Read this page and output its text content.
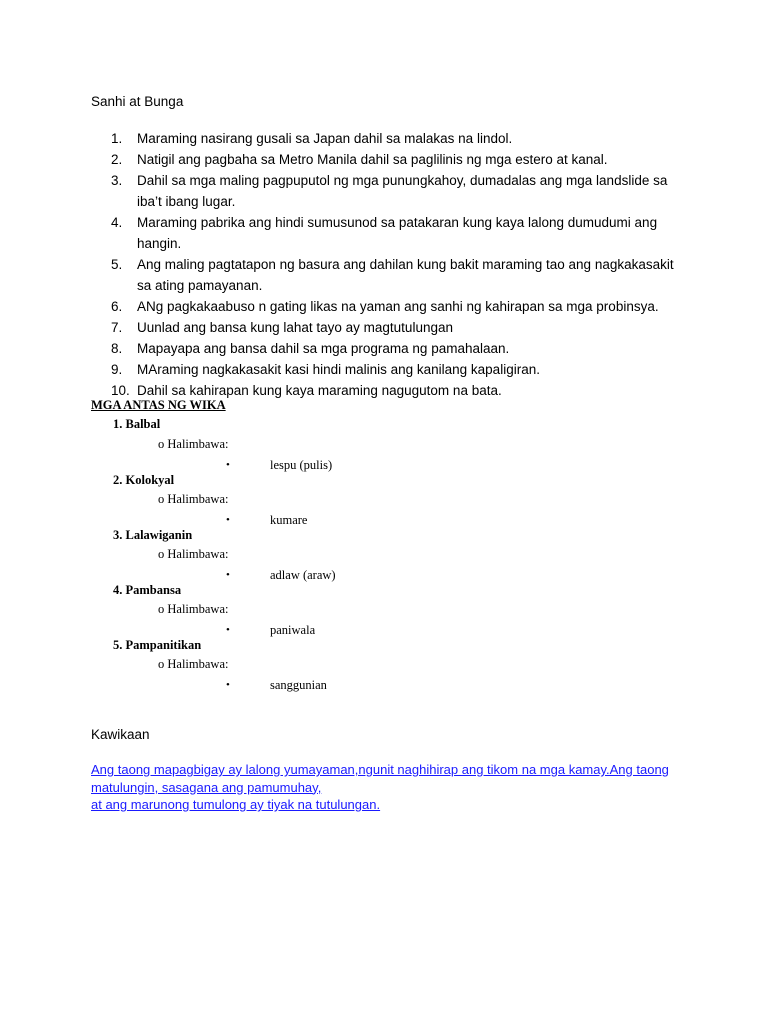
Sanhi at Bunga
1.	Maraming nasirang gusali sa Japan dahil sa malakas na lindol.
2.	Natigil ang pagbaha sa Metro Manila dahil sa paglilinis ng mga estero at kanal.
3.	Dahil sa mga maling pagpuputol ng mga punungkahoy, dumadalas ang mga landslide sa iba’t ibang lugar.
4.	Maraming pabrika ang hindi sumusunod sa patakaran kung kaya lalong dumudumi ang hangin.
5.	Ang maling pagtatapon ng basura ang dahilan kung bakit maraming tao ang nagkakasakit sa ating pamayanan.
6.	ANg pagkakaabuso n gating likas na yaman ang sanhi ng kahirapan sa mga probinsya.
7.	Uunlad ang bansa kung lahat tayo ay magtutulungan
8.	Mapayapa ang bansa dahil sa mga programa ng pamahalaan.
9.	MAraming nagkakasakit kasi hindi malinis ang kanilang kapaligiran.
10. Dahil sa kahirapan kung kaya maraming nagugutom na bata.
MGA ANTAS NG WIKA
1. Balbal
o Halimbawa:
•	lespu (pulis)
2. Kolokyal
o Halimbawa:
•	kumare
3. Lalawiganin
o Halimbawa:
•	adlaw (araw)
4. Pambansa
o Halimbawa:
•	paniwala
5. Pampanitikan
o Halimbawa:
•	sanggunian
Kawikaan
Ang taong mapagbigay ay lalong yumayaman,ngunit naghihirap ang tikom na mga kamay.Ang taong
matulungin, sasagana ang pamumuhay,
at ang marunong tumulong ay tiyak na tutulungan.
